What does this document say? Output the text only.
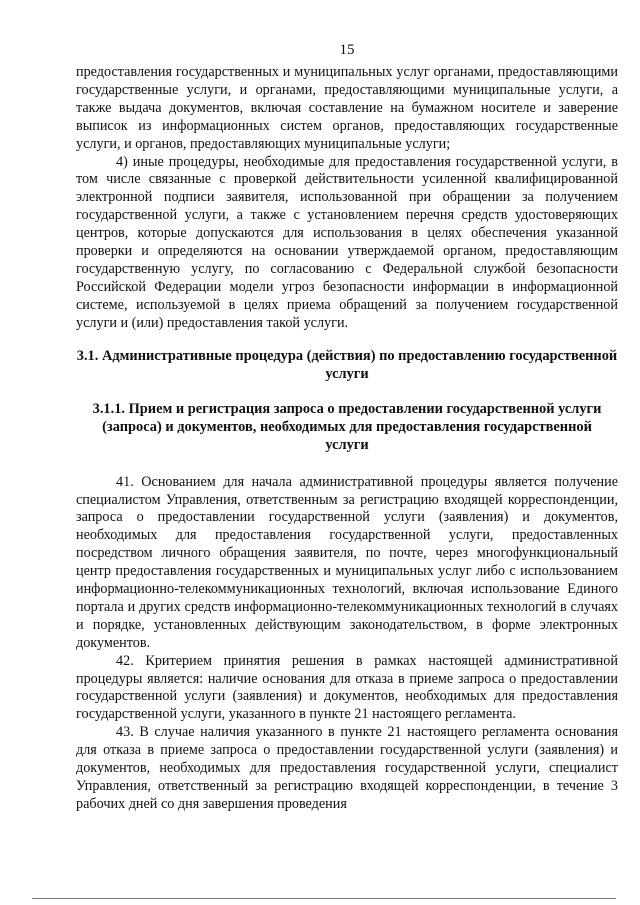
15

предоставления государственных и муниципальных услуг органами, предоставляющими государственные услуги, и органами, предоставляющими муниципальные услуги, а также выдача документов, включая составление на бумажном носителе и заверение выписок из информационных систем органов, предоставляющих государственные услуги, и органов, предоставляющих муниципальные услуги;

4) иные процедуры, необходимые для предоставления государственной услуги, в том числе связанные с проверкой действительности усиленной квалифицированной электронной подписи заявителя, использованной при обращении за получением государственной услуги, а также с установлением перечня средств удостоверяющих центров, которые допускаются для использования в целях обеспечения указанной проверки и определяются на основании утверждаемой органом, предоставляющим государственную услугу, по согласованию с Федеральной службой безопасности Российской Федерации модели угроз безопасности информации в информационной системе, используемой в целях приема обращений за получением государственной услуги и (или) предоставления такой услуги.

3.1. Административные процедура (действия) по предоставлению государственной услуги
3.1.1. Прием и регистрация запроса о предоставлении государственной услуги (запроса) и документов, необходимых для предоставления государственной услуги

41. Основанием для начала административной процедуры является получение специалистом Управления, ответственным за регистрацию входящей корреспонденции, запроса о предоставлении государственной услуги (заявления) и документов, необходимых для предоставления государственной услуги, предоставленных посредством личного обращения заявителя, по почте, через многофункциональный центр предоставления государственных и муниципальных услуг либо с использованием информационно-телекоммуникационных технологий, включая использование Единого портала и других средств информационно-телекоммуникационных технологий в случаях и порядке, установленных действующим законодательством, в форме электронных документов.

42. Критерием принятия решения в рамках настоящей административной процедуры является: наличие основания для отказа в приеме запроса о предоставлении государственной услуги (заявления) и документов, необходимых для предоставления государственной услуги, указанного в пункте 21 настоящего регламента.

43. В случае наличия указанного в пункте 21 настоящего регламента основания для отказа в приеме запроса о предоставлении государственной услуги (заявления) и документов, необходимых для предоставления государственной услуги, специалист Управления, ответственный за регистрацию входящей корреспонденции, в течение 3 рабочих дней со дня завершения проведения
